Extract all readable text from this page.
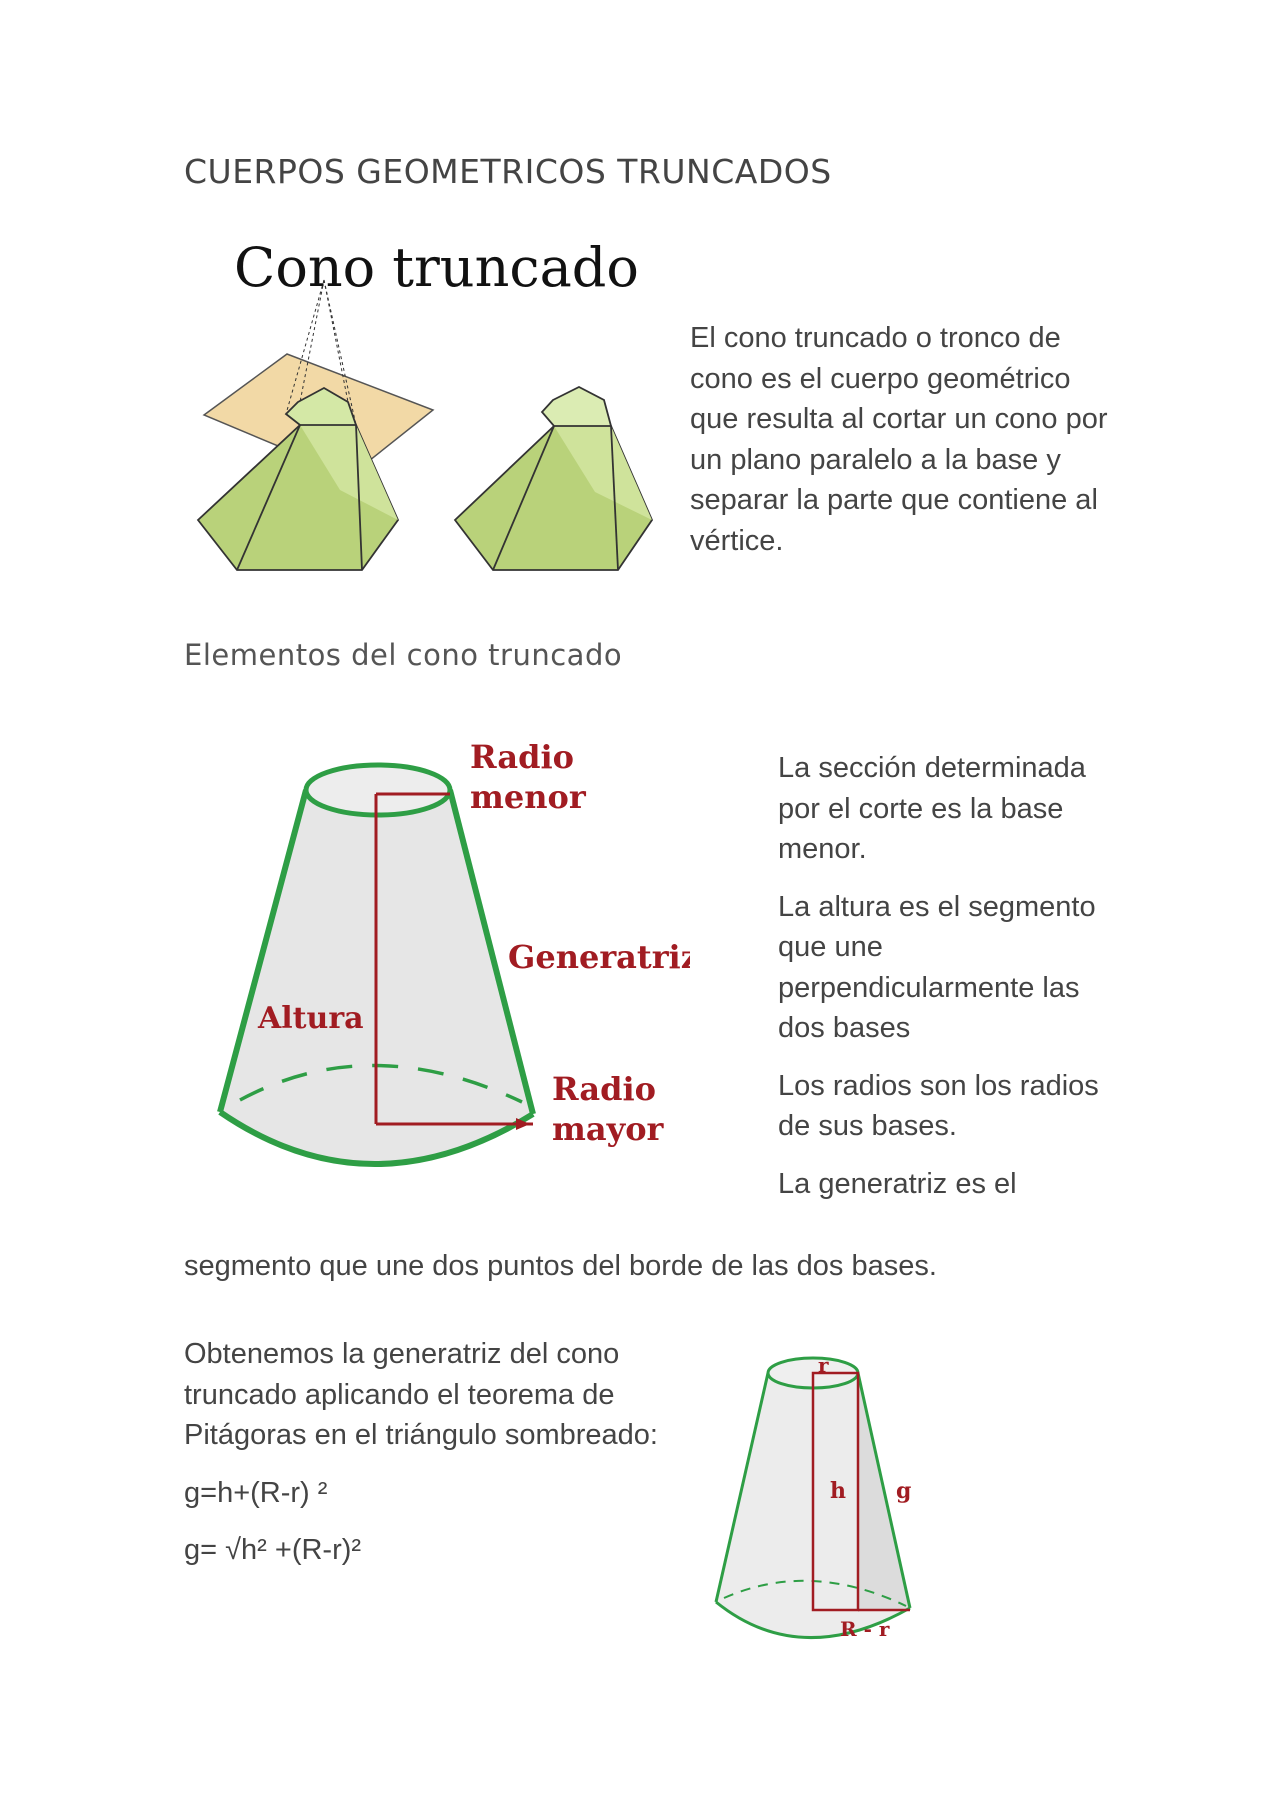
CUERPOS GEOMETRICOS TRUNCADOS
Cono truncado

El cono truncado o tronco de cono es el cuerpo geométrico que resulta al cortar un cono por un plano paralelo a la base y separar la parte que contiene al vértice.

Elementos del cono truncado
Radio
menor
Generatriz
Altura
Radio
mayor

La sección determinada por el corte es la base menor.

La altura es el segmento que une perpendicularmente las dos bases

Los radios son los radios de sus bases.

La generatriz es el

segmento que une dos puntos del borde de las dos bases.

Obtenemos la generatriz del cono truncado aplicando el teorema de Pitágoras en el triángulo sombreado:

g=h+(R-r) ²

g= √h² +(R-r)²

r
h g
R - r
